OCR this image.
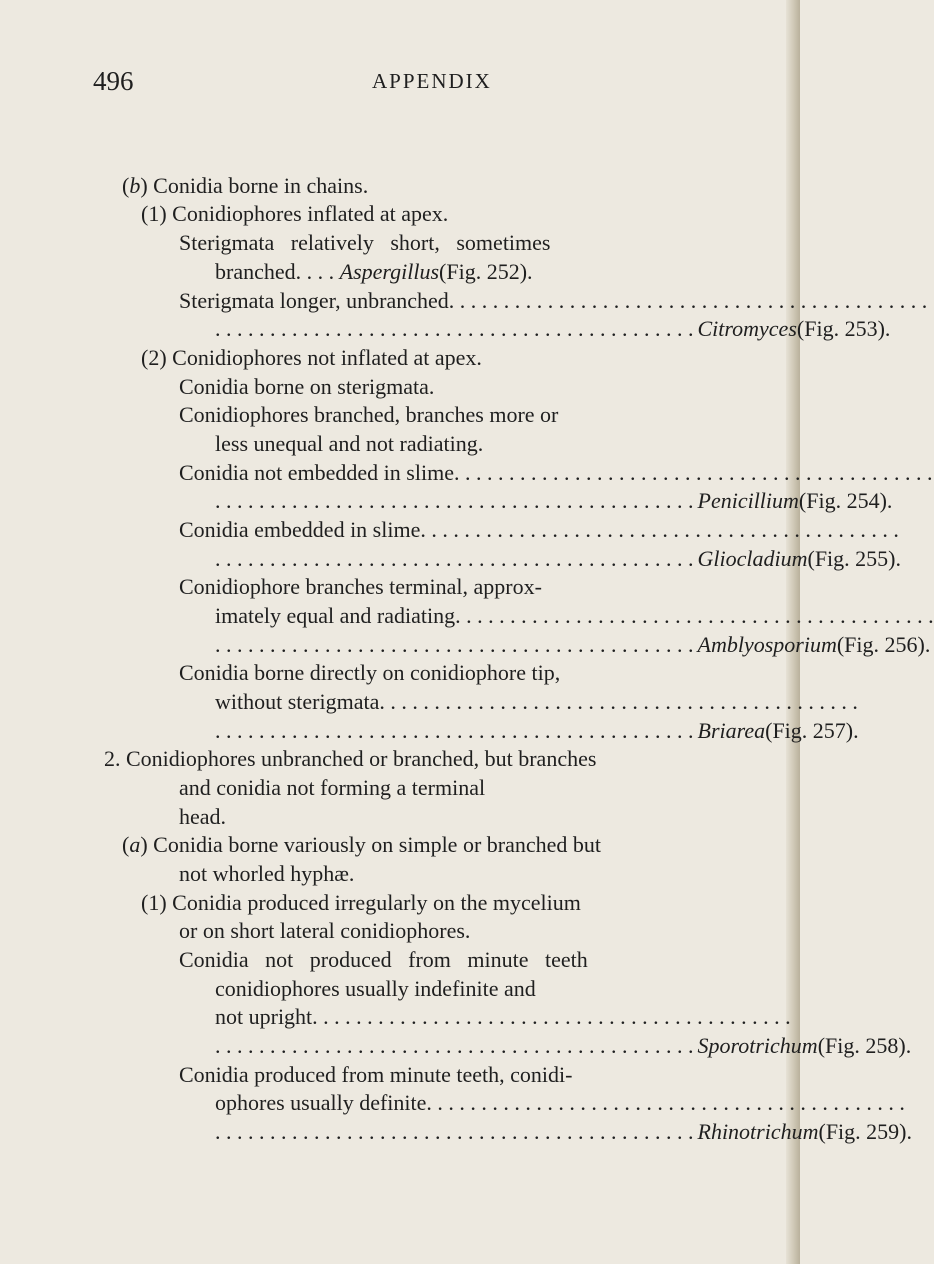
496	APPENDIX
(b) Conidia borne in chains.
(1) Conidiophores inflated at apex.
Sterigmata   relatively   short,   sometimes
branched. . . . Aspergillus (Fig. 252).
Sterigmata longer, unbranched . . . . . . . . . . . . . . . . . . . . . . . . . . . . . . . . . . . . . . . . . . . .
. . . . . . . . . . . . . . . . . . . . . . . . . . . . . . . . . . . . . . . . . . . . Citromyces (Fig. 253).
(2) Conidiophores not inflated at apex.
Conidia borne on sterigmata.
Conidiophores branched, branches more or
less unequal and not radiating.
Conidia not embedded in slime . . . . . . . . . . . . . . . . . . . . . . . . . . . . . . . . . . . . . . . . . . . .
. . . . . . . . . . . . . . . . . . . . . . . . . . . . . . . . . . . . . . . . . . . . Penicillium (Fig. 254).
Conidia embedded in slime . . . . . . . . . . . . . . . . . . . . . . . . . . . . . . . . . . . . . . . . . . . .
. . . . . . . . . . . . . . . . . . . . . . . . . . . . . . . . . . . . . . . . . . . . Gliocladium (Fig. 255).
Conidiophore branches terminal, approx-
imately equal and radiating . . . . . . . . . . . . . . . . . . . . . . . . . . . . . . . . . . . . . . . . . . . .
. . . . . . . . . . . . . . . . . . . . . . . . . . . . . . . . . . . . . . . . . . . . Amblyosporium (Fig. 256).
Conidia borne directly on conidiophore tip,
without sterigmata . . . . . . . . . . . . . . . . . . . . . . . . . . . . . . . . . . . . . . . . . . . .
. . . . . . . . . . . . . . . . . . . . . . . . . . . . . . . . . . . . . . . . . . . . Briarea (Fig. 257).
2. Conidiophores unbranched or branched, but branches
and conidia not forming a terminal
head.
(a) Conidia borne variously on simple or branched but
not whorled hyphæ.
(1) Conidia produced irregularly on the mycelium
or on short lateral conidiophores.
Conidia   not   produced   from   minute   teeth
conidiophores usually indefinite and
not upright . . . . . . . . . . . . . . . . . . . . . . . . . . . . . . . . . . . . . . . . . . . .
. . . . . . . . . . . . . . . . . . . . . . . . . . . . . . . . . . . . . . . . . . . . Sporotrichum (Fig. 258).
Conidia produced from minute teeth, conidi-
ophores usually definite . . . . . . . . . . . . . . . . . . . . . . . . . . . . . . . . . . . . . . . . . . . .
. . . . . . . . . . . . . . . . . . . . . . . . . . . . . . . . . . . . . . . . . . . . Rhinotrichum (Fig. 259).
